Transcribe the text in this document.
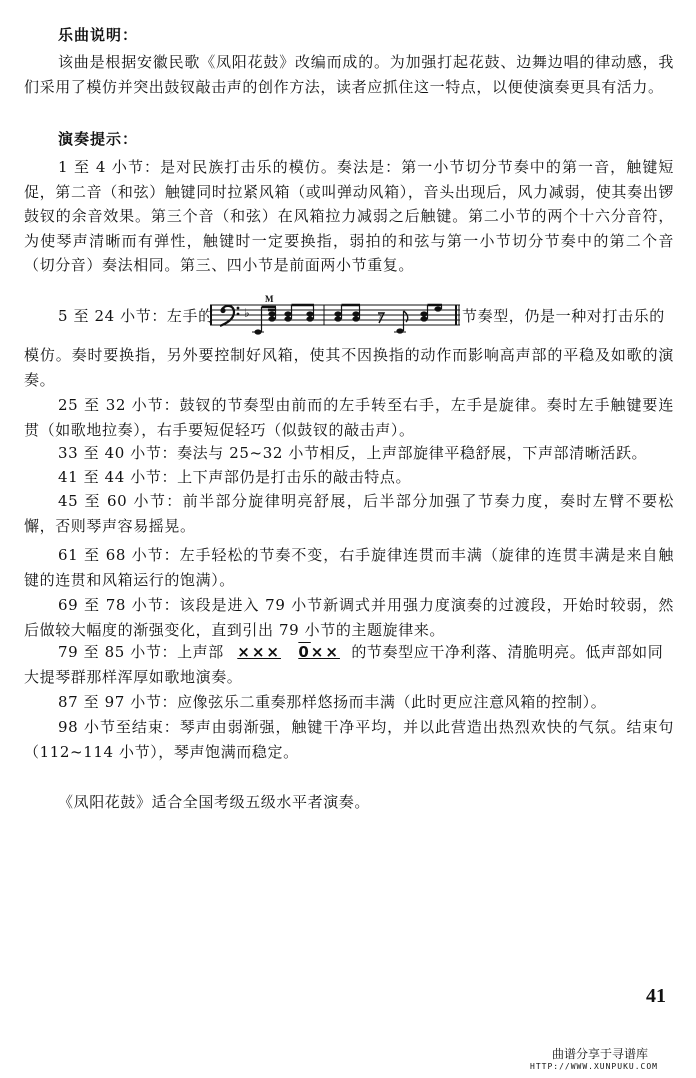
乐曲说明：
该曲是根据安徽民歌《凤阳花鼓》改编而成的。为加强打起花鼓、边舞边唱的律动感，我们采用了模仿并突出鼓钗敲击声的创作方法，读者应抓住这一特点，以便使演奏更具有活力。
演奏提示：
1 至 4 小节：是对民族打击乐的模仿。奏法是：第一小节切分节奏中的第一音，触键短促，第二音（和弦）触键同时拉紧风箱（或叫弹动风箱），音头出现后，风力减弱，使其奏出锣鼓钗的余音效果。第三个音（和弦）在风箱拉力减弱之后触键。第二小节的两个十六分音符，为使琴声清晰而有弹性，触键时一定要换指，弱拍的和弦与第一小节切分节奏中的第二个音（切分音）奏法相同。第三、四小节是前面两小节重复。
5 至 24 小节：左手的	♭
M
𝄾	节奏型，仍是一种对打击乐的
模仿。奏时要换指，另外要控制好风箱，使其不因换指的动作而影响高声部的平稳及如歌的演奏。
25 至 32 小节：鼓钗的节奏型由前而的左手转至右手，左手是旋律。奏时左手触键要连贯（如歌地拉奏），右手要短促轻巧（似鼓钗的敲击声）。
33 至 40 小节：奏法与 25~32 小节相反，上声部旋律平稳舒展，下声部清晰活跃。
41 至 44 小节：上下声部仍是打击乐的敲击特点。
45 至 60 小节：前半部分旋律明亮舒展，后半部分加强了节奏力度，奏时左臂不要松懈，否则琴声容易摇晃。
61 至 68 小节：左手轻松的节奏不变，右手旋律连贯而丰满（旋律的连贯丰满是来自触键的连贯和风箱运行的饱满）。
69 至 78 小节：该段是进入 79 小节新调式并用强力度演奏的过渡段，开始时较弱，然后做较大幅度的渐强变化，直到引出 79 小节的主题旋律来。
79 至 85 小节：上声部 ××× 0×× 的节奏型应干净利落、清脆明亮。低声部如同
大提琴群那样浑厚如歌地演奏。
87 至 97 小节：应像弦乐二重奏那样悠扬而丰满（此时更应注意风箱的控制）。
98 小节至结束：琴声由弱渐强，触键干净平均，并以此营造出热烈欢快的气氛。结束句（112~114 小节），琴声饱满而稳定。
《凤阳花鼓》适合全国考级五级水平者演奏。
41
曲谱分享于寻谱库
HTTP://WWW.XUNPUKU.COM
